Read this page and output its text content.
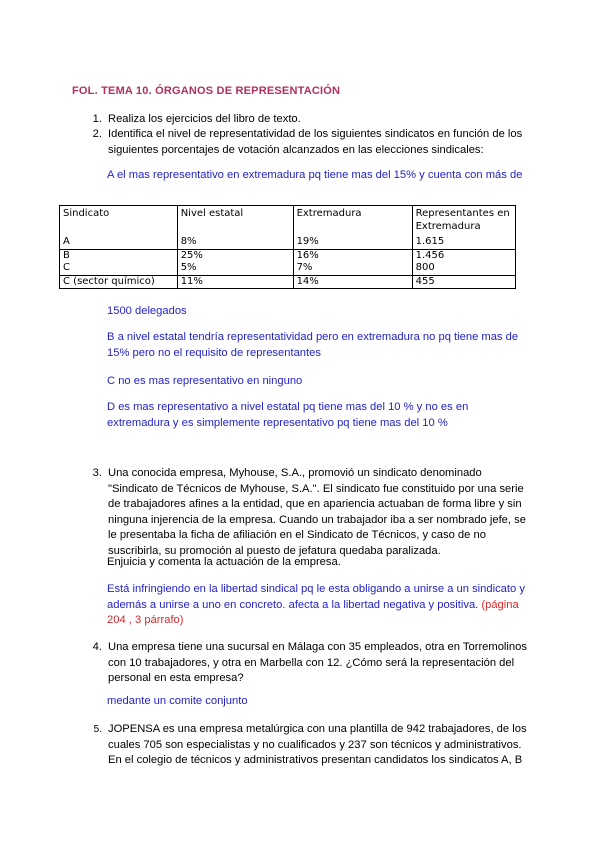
FOL. TEMA 10. ÓRGANOS DE REPRESENTACIÓN
1. Realiza los ejercicios del libro de texto.
2. Identifica el nivel de representatividad de los siguientes sindicatos en función de los siguientes porcentajes de votación alcanzados en las elecciones sindicales:
A el mas representativo en extremadura pq tiene mas del 15% y cuenta con más de
Sindicato	Nivel estatal	Extremadura	Representantes en Extremadura
A	8%	19%	1.615
B	25%	16%	1.456
C	5%	7%	800
C (sector químico)	11%	14%	455
1500 delegados
B a nivel estatal tendría representatividad pero en extremadura no pq tiene mas de 15% pero no el requisito de representantes
C no es mas representativo en ninguno
D es mas representativo a nivel estatal pq tiene mas del 10 % y no es en extremadura y es simplemente representativo pq tiene mas del 10 %
3. Una conocida empresa, Myhouse, S.A., promovió un sindicato denominado "Sindicato de Técnicos de Myhouse, S.A.". El sindicato fue constituido por una serie de trabajadores afines a la entidad, que en apariencia actuaban de forma libre y sin ninguna injerencia de la empresa. Cuando un trabajador iba a ser nombrado jefe, se le presentaba la ficha de afiliación en el Sindicato de Técnicos, y caso de no suscribirla, su promoción al puesto de jefatura quedaba paralizada.
Enjuicia y comenta la actuación de la empresa.
Está infringiendo en la libertad sindical pq le esta obligando a unirse a un sindicato y además a unirse a uno en concreto. afecta a la libertad negativa y positiva. (página 204 , 3 párrafo)
4. Una empresa tiene una sucursal en Málaga con 35 empleados, otra en Torremolinos con 10 trabajadores, y otra en Marbella con 12. ¿Cómo será la representación del personal en esta empresa?
medante un comite conjunto
5. JOPENSA es una empresa metalúrgica con una plantilla de 942 trabajadores, de los cuales 705 son especialistas y no cualificados y 237 son técnicos y administrativos. En el colegio de técnicos y administrativos presentan candidatos los sindicatos A, B
